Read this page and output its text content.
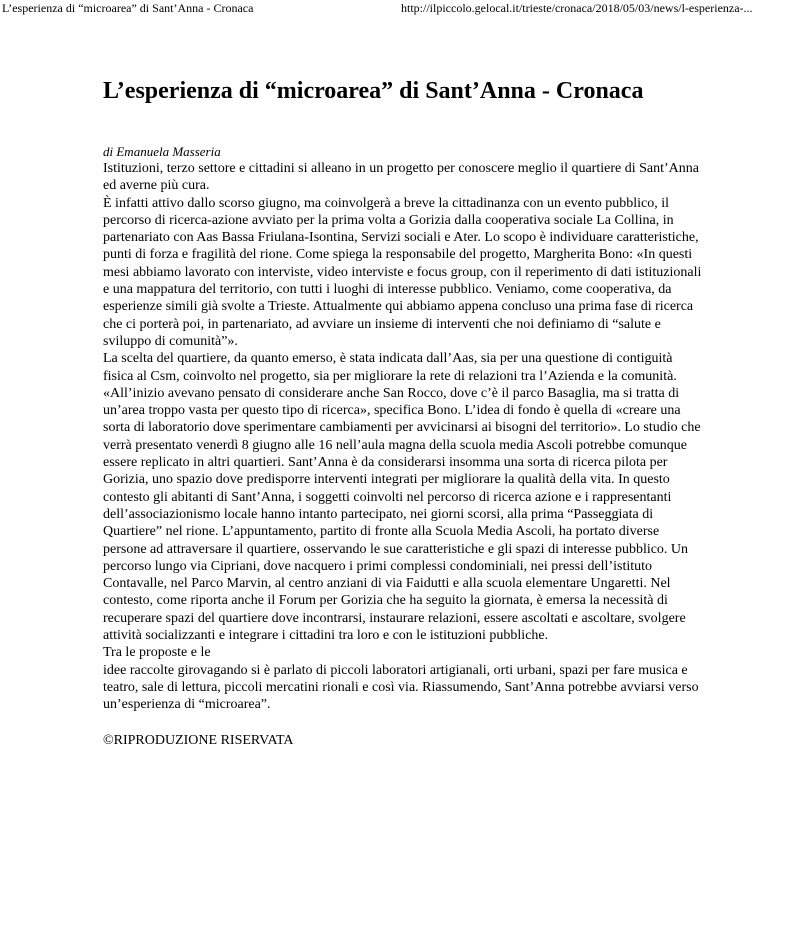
L’esperienza di “microarea” di Sant’Anna - Cronaca	http://ilpiccolo.gelocal.it/trieste/cronaca/2018/05/03/news/l-esperienza-...
L’esperienza di “microarea” di Sant’Anna - Cronaca
di Emanuela Masseria

Istituzioni, terzo settore e cittadini si alleano in un progetto per conoscere meglio il quartiere di Sant’Anna ed averne più cura.

È infatti attivo dallo scorso giugno, ma coinvolgerà a breve la cittadinanza con un evento pubblico, il percorso di ricerca-azione avviato per la prima volta a Gorizia dalla cooperativa sociale La Collina, in partenariato con Aas Bassa Friulana-Isontina, Servizi sociali e Ater. Lo scopo è individuare caratteristiche, punti di forza e fragilità del rione. Come spiega la responsabile del progetto, Margherita Bono: «In questi mesi abbiamo lavorato con interviste, video interviste e focus group, con il reperimento di dati istituzionali e una mappatura del territorio, con tutti i luoghi di interesse pubblico. Veniamo, come cooperativa, da esperienze simili già svolte a Trieste. Attualmente qui abbiamo appena concluso una prima fase di ricerca che ci porterà poi, in partenariato, ad avviare un insieme di interventi che noi definiamo di “salute e sviluppo di comunità”».

La scelta del quartiere, da quanto emerso, è stata indicata dall’Aas, sia per una questione di contiguità fisica al Csm, coinvolto nel progetto, sia per migliorare la rete di relazioni tra l’Azienda e la comunità. «All’inizio avevano pensato di considerare anche San Rocco, dove c’è il parco Basaglia, ma si tratta di un’area troppo vasta per questo tipo di ricerca», specifica Bono. L’idea di fondo è quella di «creare una sorta di laboratorio dove sperimentare cambiamenti per avvicinarsi ai bisogni del territorio». Lo studio che verrà presentato venerdì 8 giugno alle 16 nell’aula magna della scuola media Ascoli potrebbe comunque essere replicato in altri quartieri. Sant’Anna è da considerarsi insomma una sorta di ricerca pilota per Gorizia, uno spazio dove predisporre interventi integrati per migliorare la qualità della vita. In questo contesto gli abitanti di Sant’Anna, i soggetti coinvolti nel percorso di ricerca azione e i rappresentanti dell’associazionismo locale hanno intanto partecipato, nei giorni scorsi, alla prima “Passeggiata di Quartiere” nel rione. L’appuntamento, partito di fronte alla Scuola Media Ascoli, ha portato diverse persone ad attraversare il quartiere, osservando le sue caratteristiche e gli spazi di interesse pubblico. Un percorso lungo via Cipriani, dove nacquero i primi complessi condominiali, nei pressi dell’istituto Contavalle, nel Parco Marvin, al centro anziani di via Faidutti e alla scuola elementare Ungaretti. Nel contesto, come riporta anche il Forum per Gorizia che ha seguito la giornata, è emersa la necessità di recuperare spazi del quartiere dove incontrarsi, instaurare relazioni, essere ascoltati e ascoltare, svolgere attività socializzanti e integrare i cittadini tra loro e con le istituzioni pubbliche.

Tra le proposte e le

idee raccolte girovagando si è parlato di piccoli laboratori artigianali, orti urbani, spazi per fare musica e teatro, sale di lettura, piccoli mercatini rionali e così via. Riassumendo, Sant’Anna potrebbe avviarsi verso un’esperienza di “microarea”.

©RIPRODUZIONE RISERVATA
